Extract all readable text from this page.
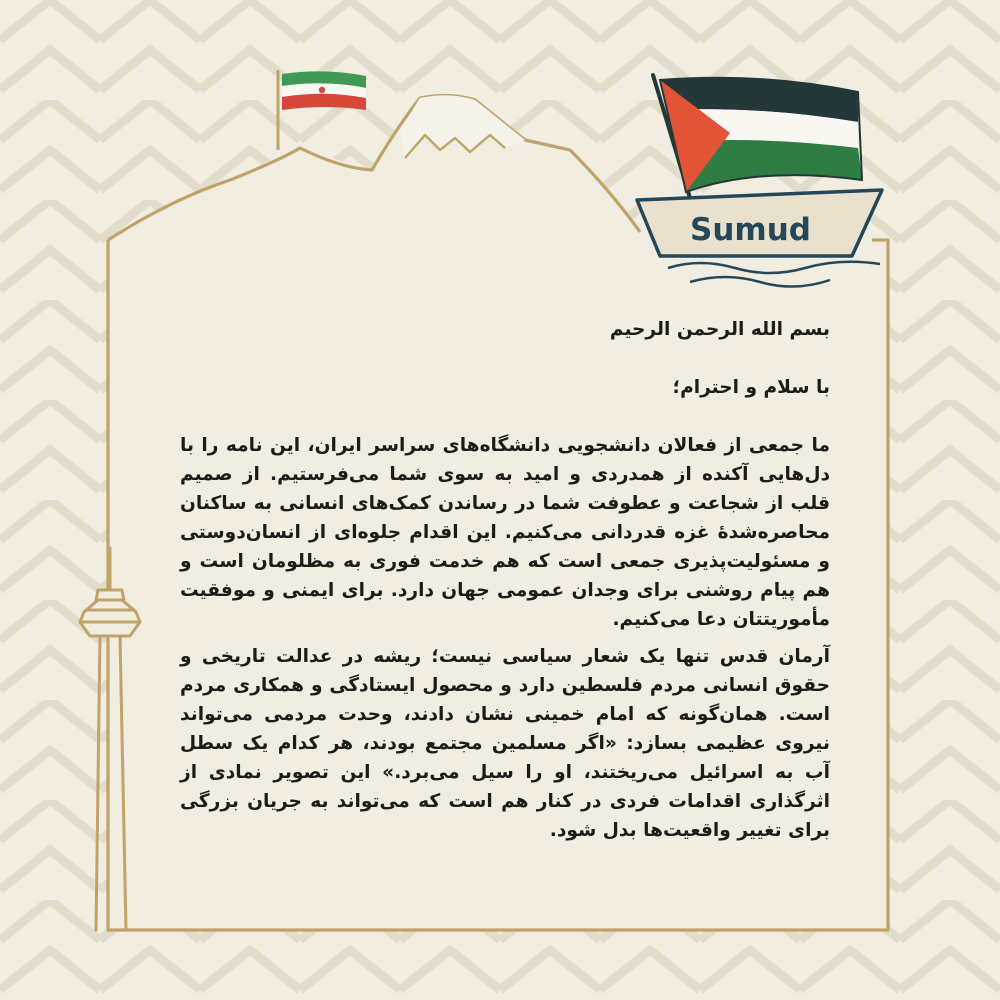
Sumud

بسم الله الرحمن الرحیم

با سلام و احترام؛

ما جمعی از فعالان دانشجویی دانشگاه‌های سراسر ایران، این نامه را با دل‌هایی آکنده از همدردی و امید به سوی شما می‌فرستیم. از صمیم قلب از شجاعت و عطوفت شما در رساندن کمک‌های انسانی به ساکنان محاصره‌شدهٔ غزه قدردانی می‌کنیم. این اقدام جلوه‌ای از انسان‌دوستی و مسئولیت‌پذیری جمعی است که هم خدمت فوری به مظلومان است و هم پیام روشنی برای وجدان عمومی جهان دارد. برای ایمنی و موفقیت مأموریتتان دعا می‌کنیم.

آرمان قدس تنها یک شعار سیاسی نیست؛ ریشه در عدالت تاریخی و حقوق انسانی مردم فلسطین دارد و محصول ایستادگی و همکاری مردم است. همان‌گونه که امام خمینی نشان دادند، وحدت مردمی می‌تواند نیروی عظیمی بسازد: «اگر مسلمین مجتمع بودند، هر کدام یک سطل آب به اسرائیل می‌ریختند، او را سیل می‌برد.» این تصویر نمادی از اثرگذاری اقدامات فردی در کنار هم است که می‌تواند به جریان بزرگی برای تغییر واقعیت‌ها بدل شود.
